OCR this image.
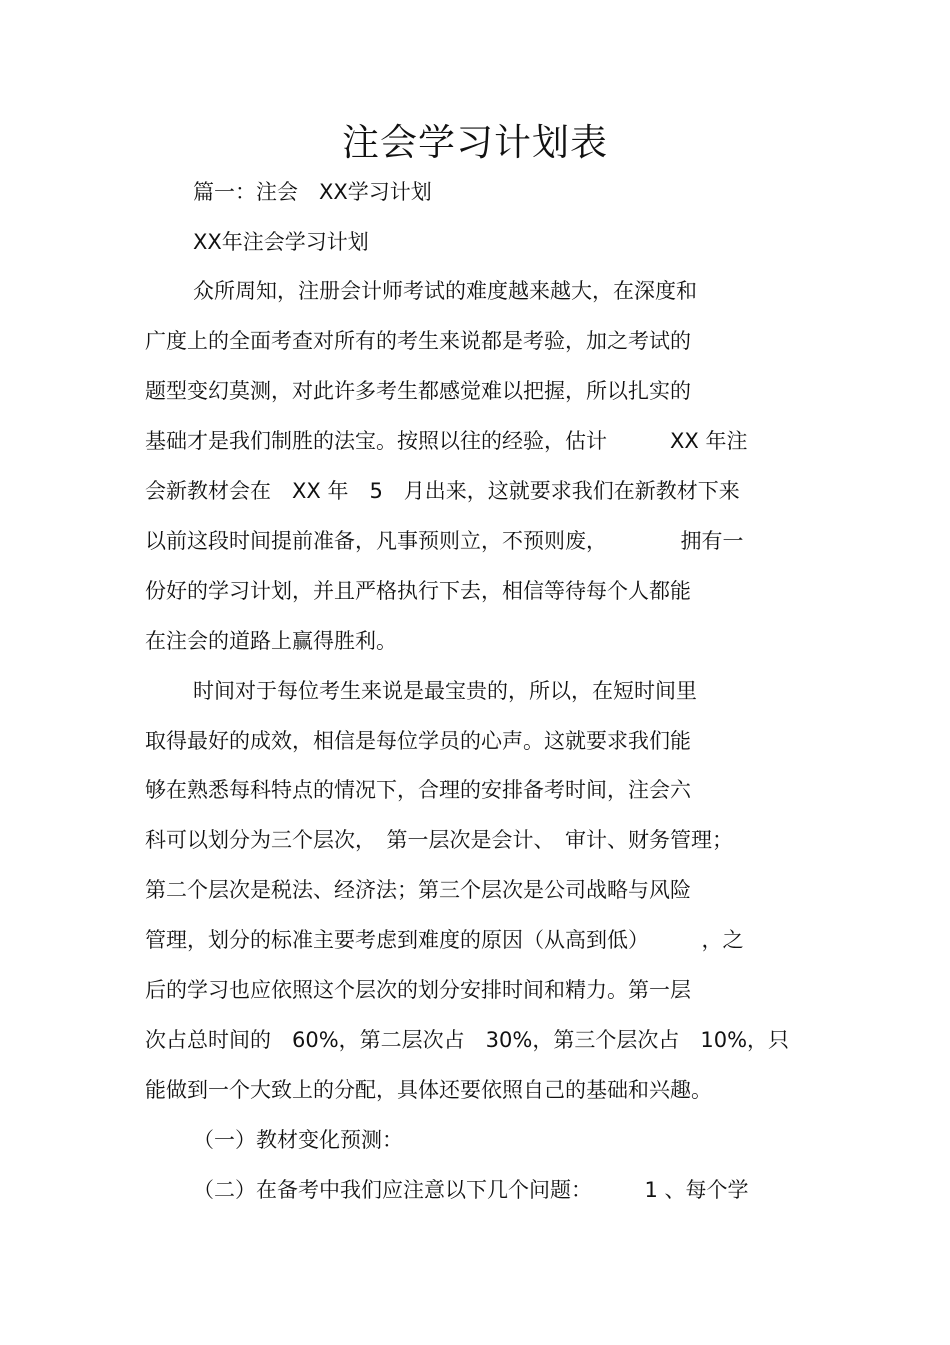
注会学习计划表
篇一：注会　XX学习计划
XX年注会学习计划
众所周知，注册会计师考试的难度越来越大，在深度和
广度上的全面考查对所有的考生来说都是考验，加之考试的
题型变幻莫测，对此许多考生都感觉难以把握，所以扎实的
基础才是我们制胜的法宝。按照以往的经验，估计　　　XX 年注
会新教材会在　XX 年　5　月出来，这就要求我们在新教材下来
以前这段时间提前准备，凡事预则立，不预则废，　　　　拥有一
份好的学习计划，并且严格执行下去，相信等待每个人都能
在注会的道路上赢得胜利。
时间对于每位考生来说是最宝贵的，所以，在短时间里
取得最好的成效，相信是每位学员的心声。这就要求我们能
够在熟悉每科特点的情况下，合理的安排备考时间，注会六
科可以划分为三个层次，　第一层次是会计、　审计、财务管理；
第二个层次是税法、经济法；第三个层次是公司战略与风险
管理，划分的标准主要考虑到难度的原因（从高到低）　　　，之
后的学习也应依照这个层次的划分安排时间和精力。第一层
次占总时间的　60%，第二层次占　30%，第三个层次占　10%，只
能做到一个大致上的分配，具体还要依照自己的基础和兴趣。
（一）教材变化预测：
（二）在备考中我们应注意以下几个问题：　　　1 、每个学
